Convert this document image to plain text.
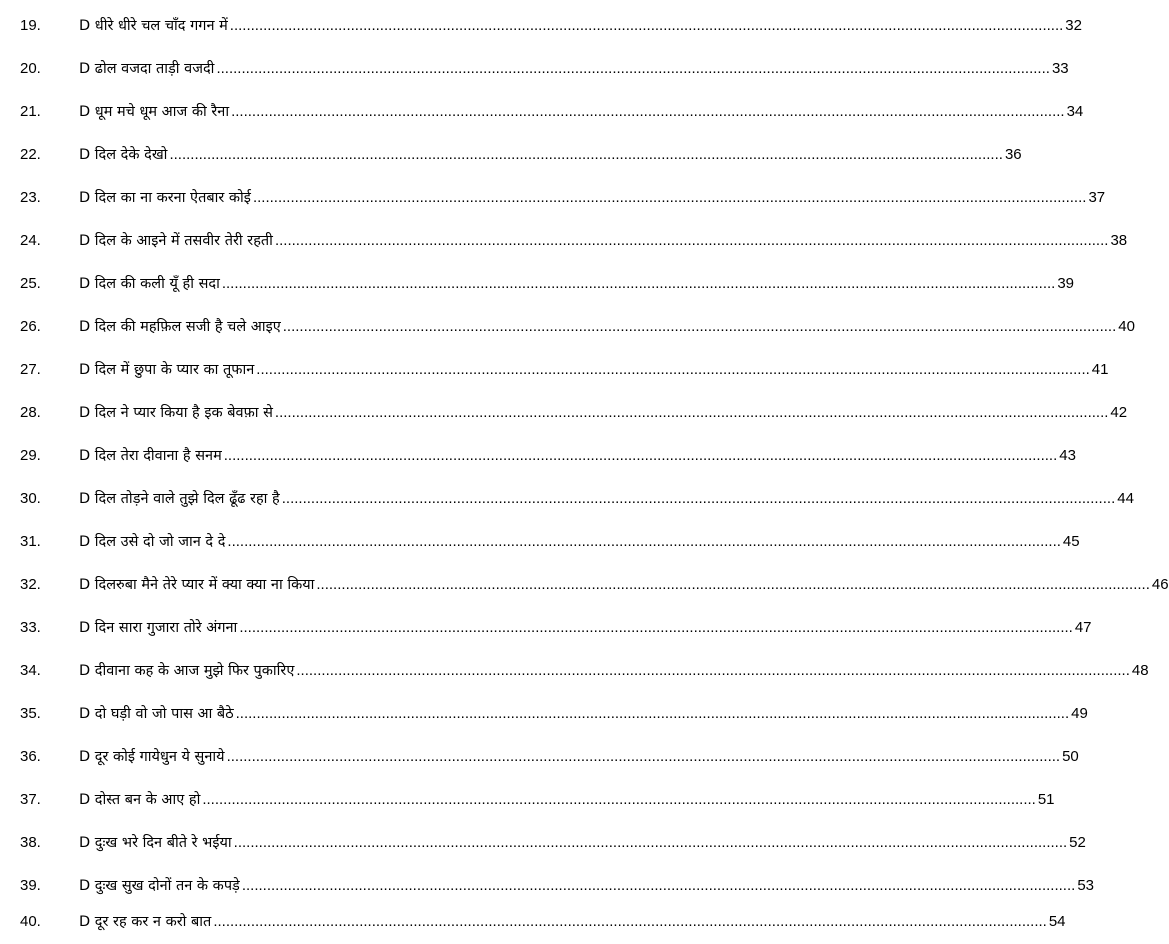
19.	D धीरे धीरे चल चाँद गगन में ........................................................................................................................................................................................................ 32
20.	D ढोल वजदा ताड़ी वजदी ........................................................................................................................................................................................................ 33
21.	D धूम मचे धूम आज की रैना ........................................................................................................................................................................................................ 34
22.	D दिल देके देखो ........................................................................................................................................................................................................ 36
23.	D दिल का ना करना ऐतबार कोई ........................................................................................................................................................................................................ 37
24.	D दिल के आइने में तसवीर तेरी रहती ........................................................................................................................................................................................................ 38
25.	D दिल की कली यूँ ही सदा ........................................................................................................................................................................................................ 39
26.	D दिल की महफ़िल सजी है चले आइए ........................................................................................................................................................................................................ 40
27.	D दिल में छुपा के प्यार का तूफान ........................................................................................................................................................................................................ 41
28.	D दिल ने प्यार किया है इक बेवफ़ा से ........................................................................................................................................................................................................ 42
29.	D दिल तेरा दीवाना है सनम ........................................................................................................................................................................................................ 43
30.	D दिल तोड़ने वाले तुझे दिल ढूँढ रहा है ........................................................................................................................................................................................................ 44
31.	D दिल उसे दो जो जान दे दे ........................................................................................................................................................................................................ 45
32.	D दिलरुबा मैने तेरे प्यार में क्या क्या ना किया ........................................................................................................................................................................................................ 46
33.	D दिन सारा गुजारा तोरे अंगना ........................................................................................................................................................................................................ 47
34.	D दीवाना कह के आज मुझे फिर पुकारिए ........................................................................................................................................................................................................ 48
35.	D दो घड़ी वो जो पास आ बैठे ........................................................................................................................................................................................................ 49
36.	D दूर कोई गायेधुन ये सुनाये ........................................................................................................................................................................................................ 50
37.	D दोस्त बन के आए हो ........................................................................................................................................................................................................ 51
38.	D दुःख भरे दिन बीते रे भईया ........................................................................................................................................................................................................ 52
39.	D दुःख सुख दोनों तन के कपड़े ........................................................................................................................................................................................................ 53
40.	D दूर रह कर न करो बात ........................................................................................................................................................................................................ 54
